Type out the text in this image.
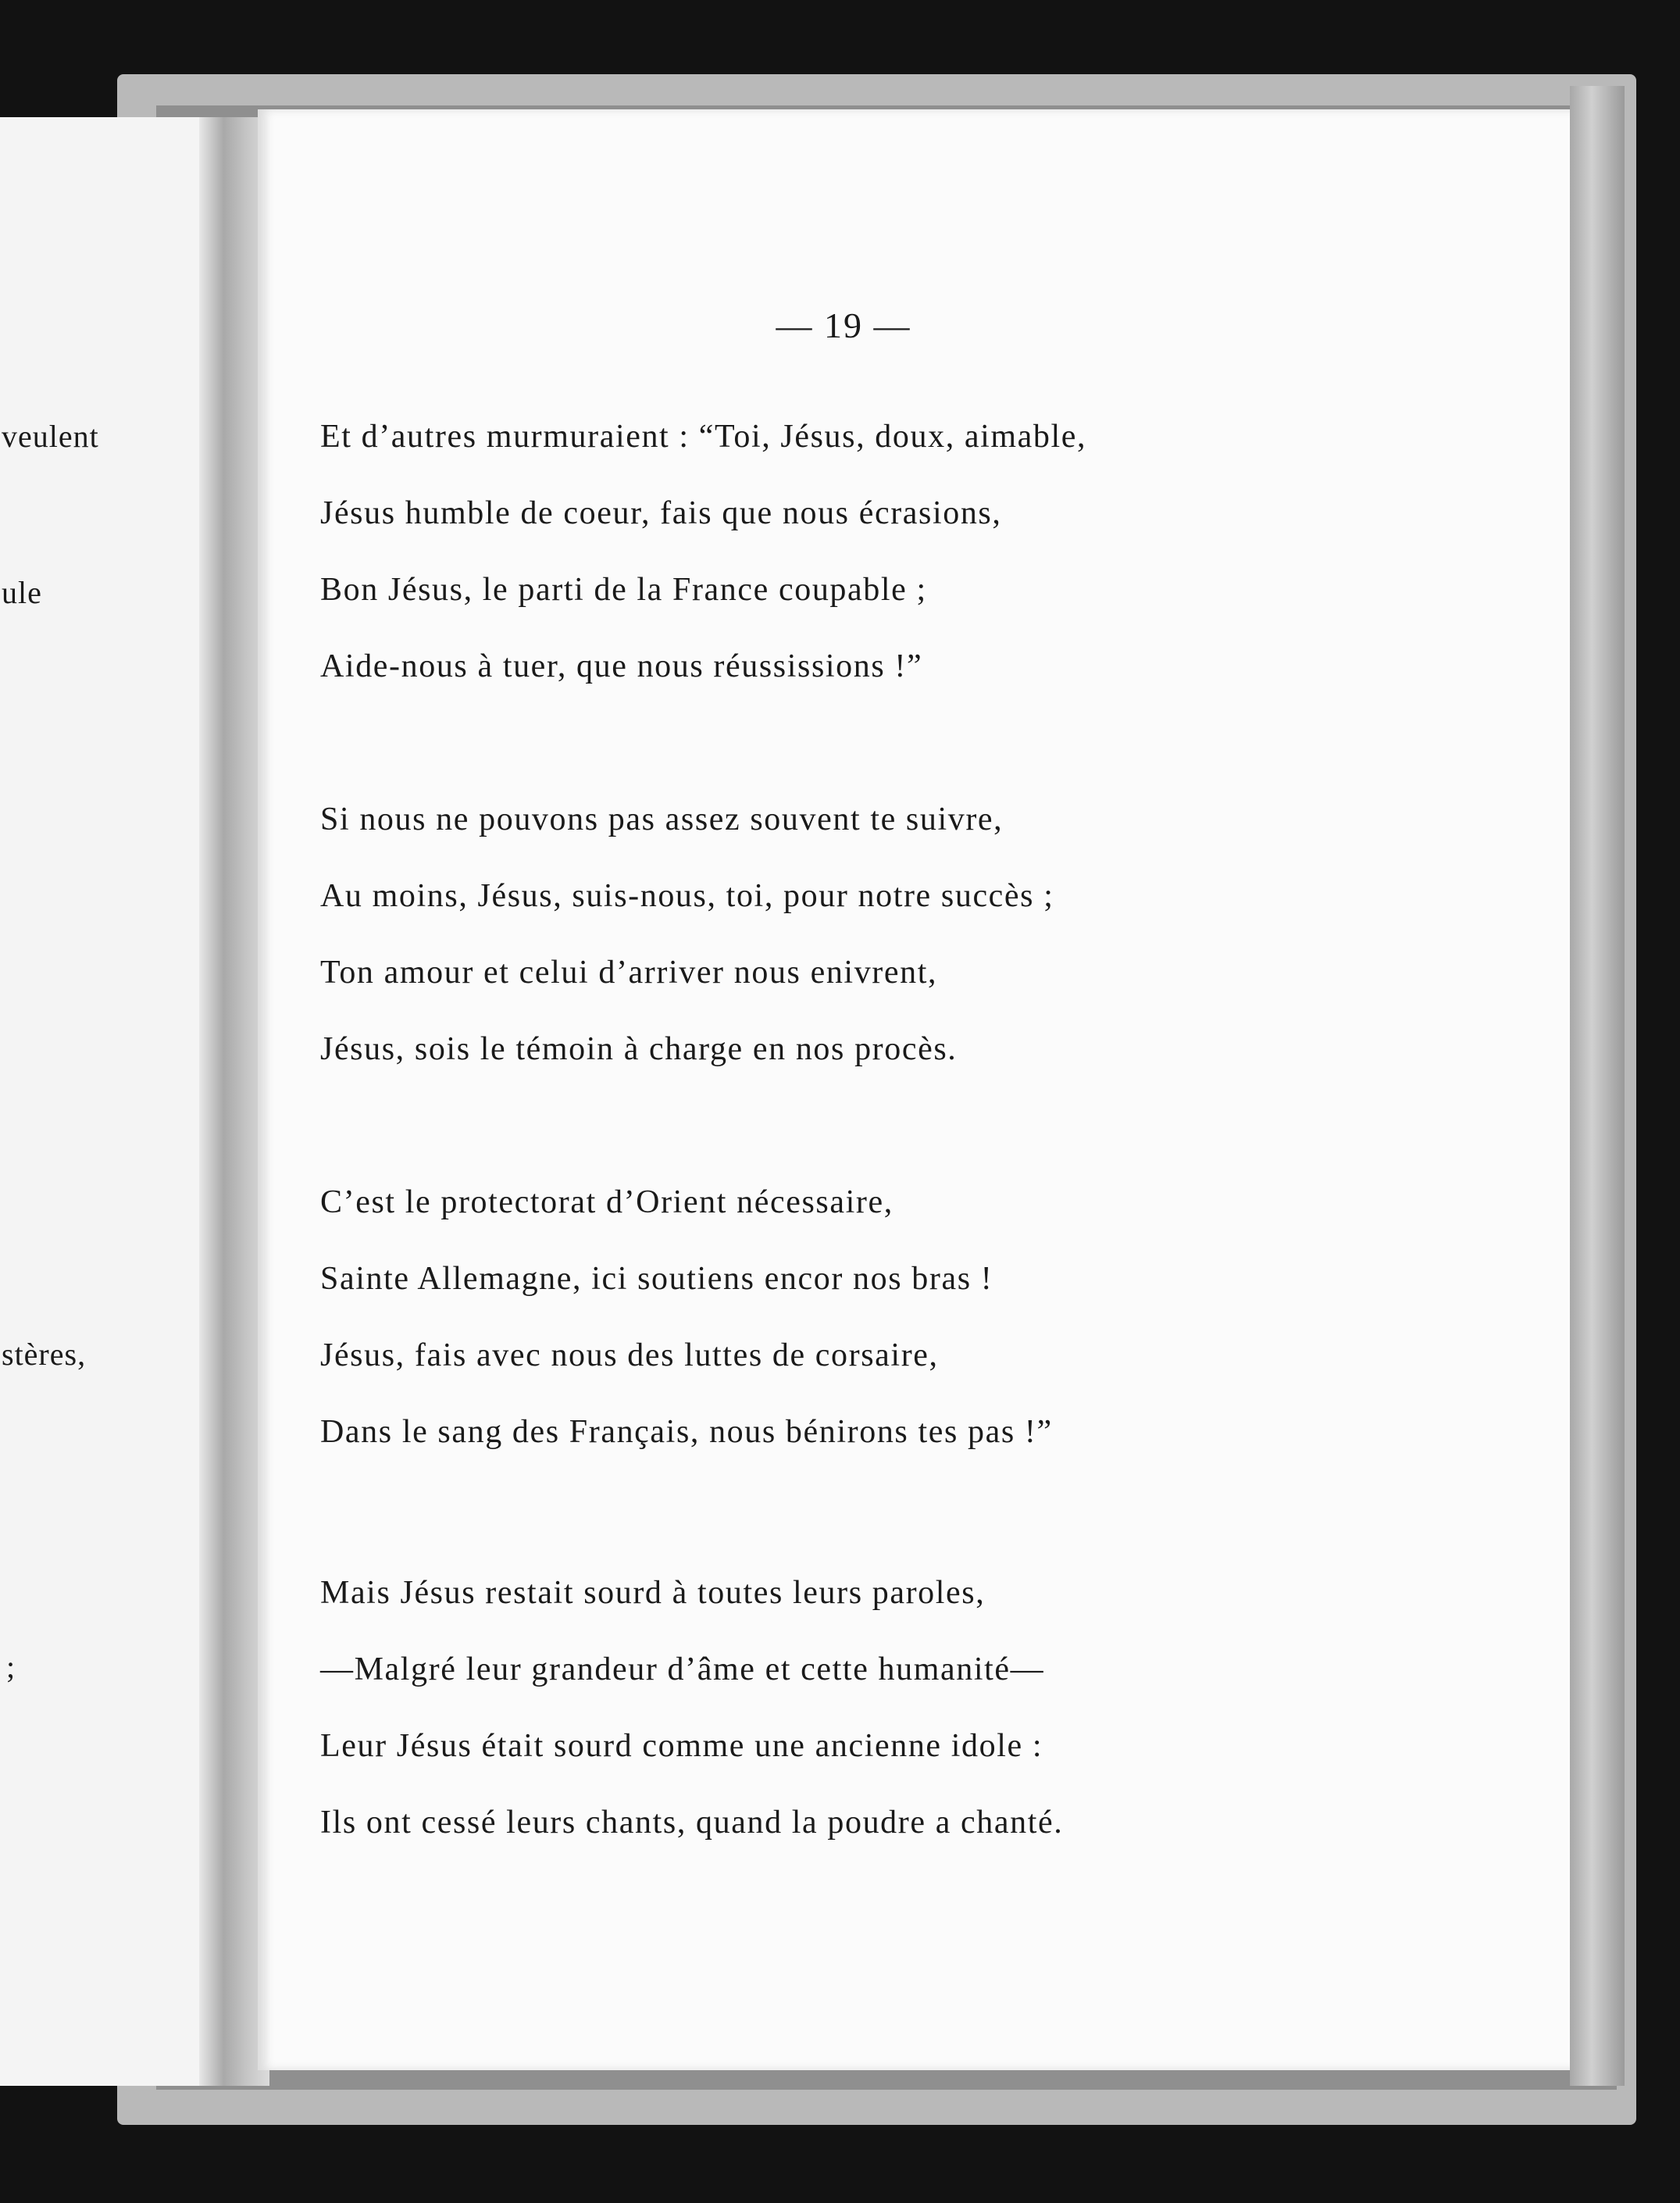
veulent
ule
stères,
;
— 19 —
Et d’autres murmuraient : “Toi, Jésus, doux, aimable,
Jésus humble de coeur, fais que nous écrasions,
Bon Jésus, le parti de la France coupable ;
Aide-nous à tuer, que nous réussissions !”
Si nous ne pouvons pas assez souvent te suivre,
Au moins, Jésus, suis-nous, toi, pour notre succès ;
Ton amour et celui d’arriver nous enivrent,
Jésus, sois le témoin à charge en nos procès.
C’est le protectorat d’Orient nécessaire,
Sainte Allemagne, ici soutiens encor nos bras !
Jésus, fais avec nous des luttes de corsaire,
Dans le sang des Français, nous bénirons tes pas !”
Mais Jésus restait sourd à toutes leurs paroles,
—Malgré leur grandeur d’âme et cette humanité—
Leur Jésus était sourd comme une ancienne idole :
Ils ont cessé leurs chants, quand la poudre a chanté.
